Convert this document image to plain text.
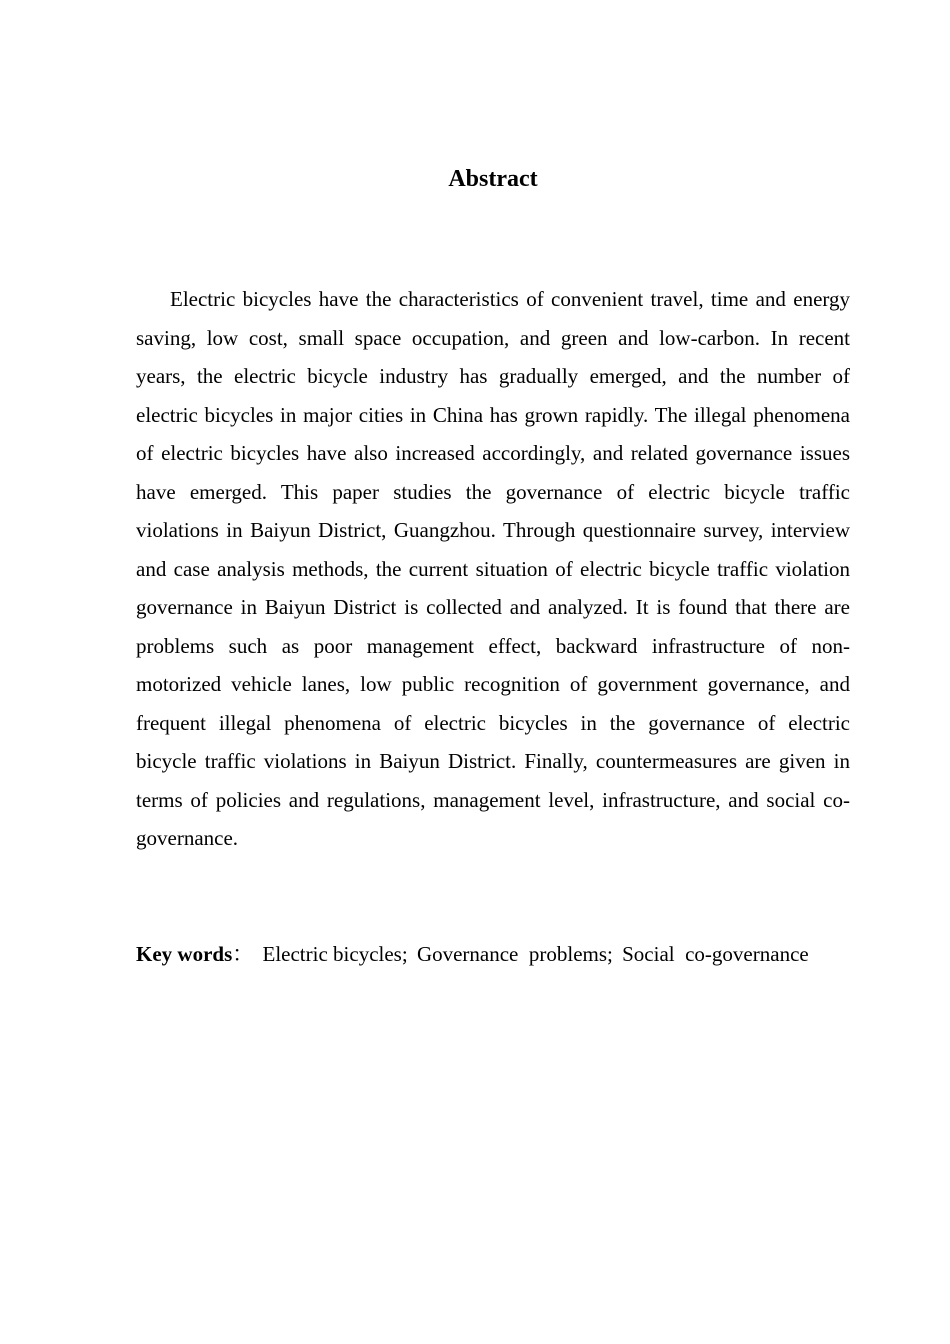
Abstract

Electric bicycles have the characteristics of convenient travel, time and energy saving, low cost, small space occupation, and green and low-carbon. In recent years, the electric bicycle industry has gradually emerged, and the number of electric bicycles in major cities in China has grown rapidly. The illegal phenomena of electric bicycles have also increased accordingly, and related governance issues have emerged. This paper studies the governance of electric bicycle traffic violations in Baiyun District, Guangzhou. Through questionnaire survey, interview and case analysis methods, the current situation of electric bicycle traffic violation governance in Baiyun District is collected and analyzed. It is found that there are problems such as poor management effect, backward infrastructure of non-motorized vehicle lanes, low public recognition of government governance, and frequent illegal phenomena of electric bicycles in the governance of electric bicycle traffic violations in Baiyun District. Finally, countermeasures are given in terms of policies and regulations, management level, infrastructure, and social co-governance.

Key words： Electric bicycles; Governance  problems; Social  co-governance
